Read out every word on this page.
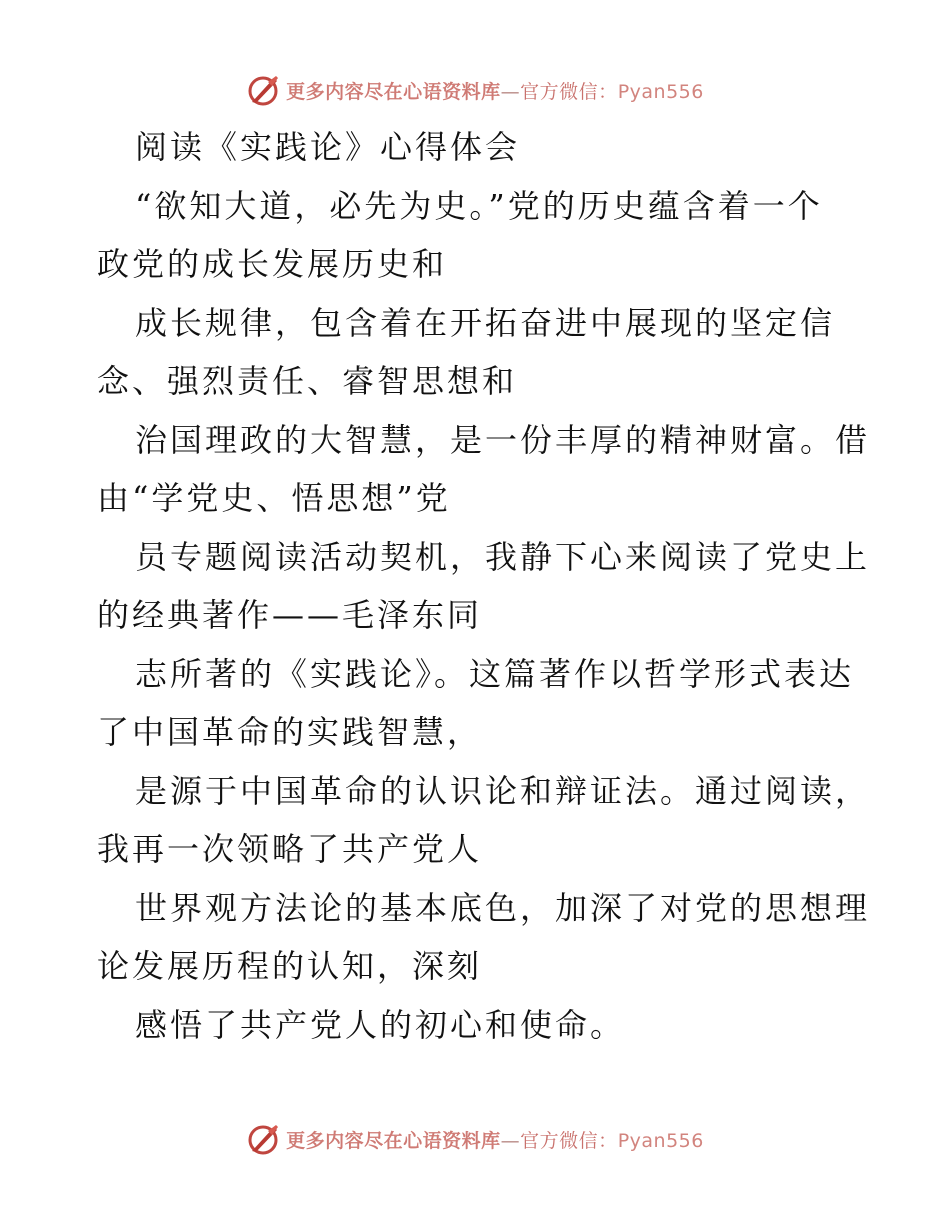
更多内容尽在心语资料库—官方微信：Pyan556
阅读《实践论》心得体会
“欲知大道，必先为史。”党的历史蕴含着一个
政党的成长发展历史和
成长规律，包含着在开拓奋进中展现的坚定信
念、强烈责任、睿智思想和
治国理政的大智慧，是一份丰厚的精神财富。借
由“学党史、悟思想”党
员专题阅读活动契机，我静下心来阅读了党史上
的经典著作——毛泽东同
志所著的《实践论》。这篇著作以哲学形式表达
了中国革命的实践智慧，
是源于中国革命的认识论和辩证法。通过阅读，
我再一次领略了共产党人
世界观方法论的基本底色，加深了对党的思想理
论发展历程的认知，深刻
感悟了共产党人的初心和使命。
更多内容尽在心语资料库—官方微信：Pyan556
